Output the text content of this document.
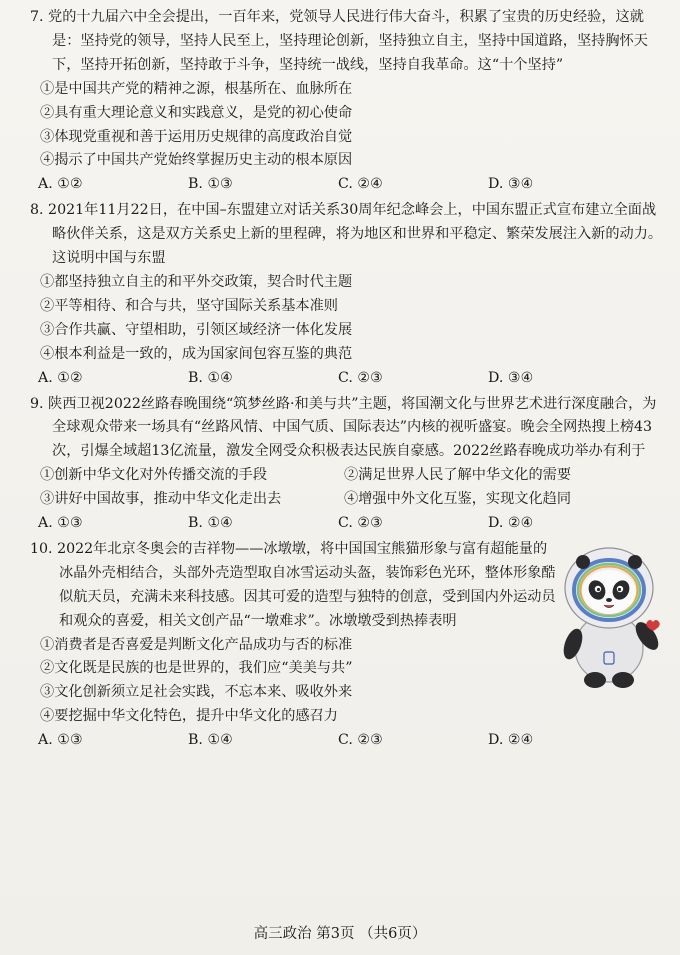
7. 党的十九届六中全会提出，一百年来，党领导人民进行伟大奋斗，积累了宝贵的历史经验，这就是：坚持党的领导，坚持人民至上，坚持理论创新，坚持独立自主，坚持中国道路，坚持胸怀天下，坚持开拓创新，坚持敢于斗争，坚持统一战线，坚持自我革命。这“十个坚持”

①是中国共产党的精神之源，根基所在、血脉所在

②具有重大理论意义和实践意义，是党的初心使命

③体现党重视和善于运用历史规律的高度政治自觉

④揭示了中国共产党始终掌握历史主动的根本原因

A. ①②	B. ①③	C. ②④	D. ③④

8. 2021年11月22日，在中国–东盟建立对话关系30周年纪念峰会上，中国东盟正式宣布建立全面战略伙伴关系，这是双方关系史上新的里程碑，将为地区和世界和平稳定、繁荣发展注入新的动力。这说明中国与东盟

①都坚持独立自主的和平外交政策，契合时代主题

②平等相待、和合与共，坚守国际关系基本准则

③合作共赢、守望相助，引领区域经济一体化发展

④根本利益是一致的，成为国家间包容互鉴的典范

A. ①②	B. ①④	C. ②③	D. ③④

9. 陕西卫视2022丝路春晚围绕“筑梦丝路·和美与共”主题，将国潮文化与世界艺术进行深度融合，为全球观众带来一场具有“丝路风情、中国气质、国际表达”内核的视听盛宴。晚会全网热搜上榜43次，引爆全域超13亿流量，激发全网受众积极表达民族自豪感。2022丝路春晚成功举办有利于

①创新中华文化对外传播交流的手段	②满足世界人民了解中华文化的需要
③讲好中国故事，推动中华文化走出去	④增强中外文化互鉴，实现文化趋同
A. ①③	B. ①④	C. ②③	D. ②④

10. 2022年北京冬奥会的吉祥物——冰墩墩，将中国国宝熊猫形象与富有超能量的冰晶外壳相结合，头部外壳造型取自冰雪运动头盔，装饰彩色光环，整体形象酷似航天员，充满未来科技感。因其可爱的造型与独特的创意，受到国内外运动员和观众的喜爱，相关文创产品“一墩难求”。冰墩墩受到热捧表明

①消费者是否喜爱是判断文化产品成功与否的标准

②文化既是民族的也是世界的，我们应“美美与共”

③文化创新须立足社会实践，不忘本来、吸收外来

④要挖掘中华文化特色，提升中华文化的感召力

A. ①③	B. ①④	C. ②③	D. ②④
高三政治 第3页 （共6页）
